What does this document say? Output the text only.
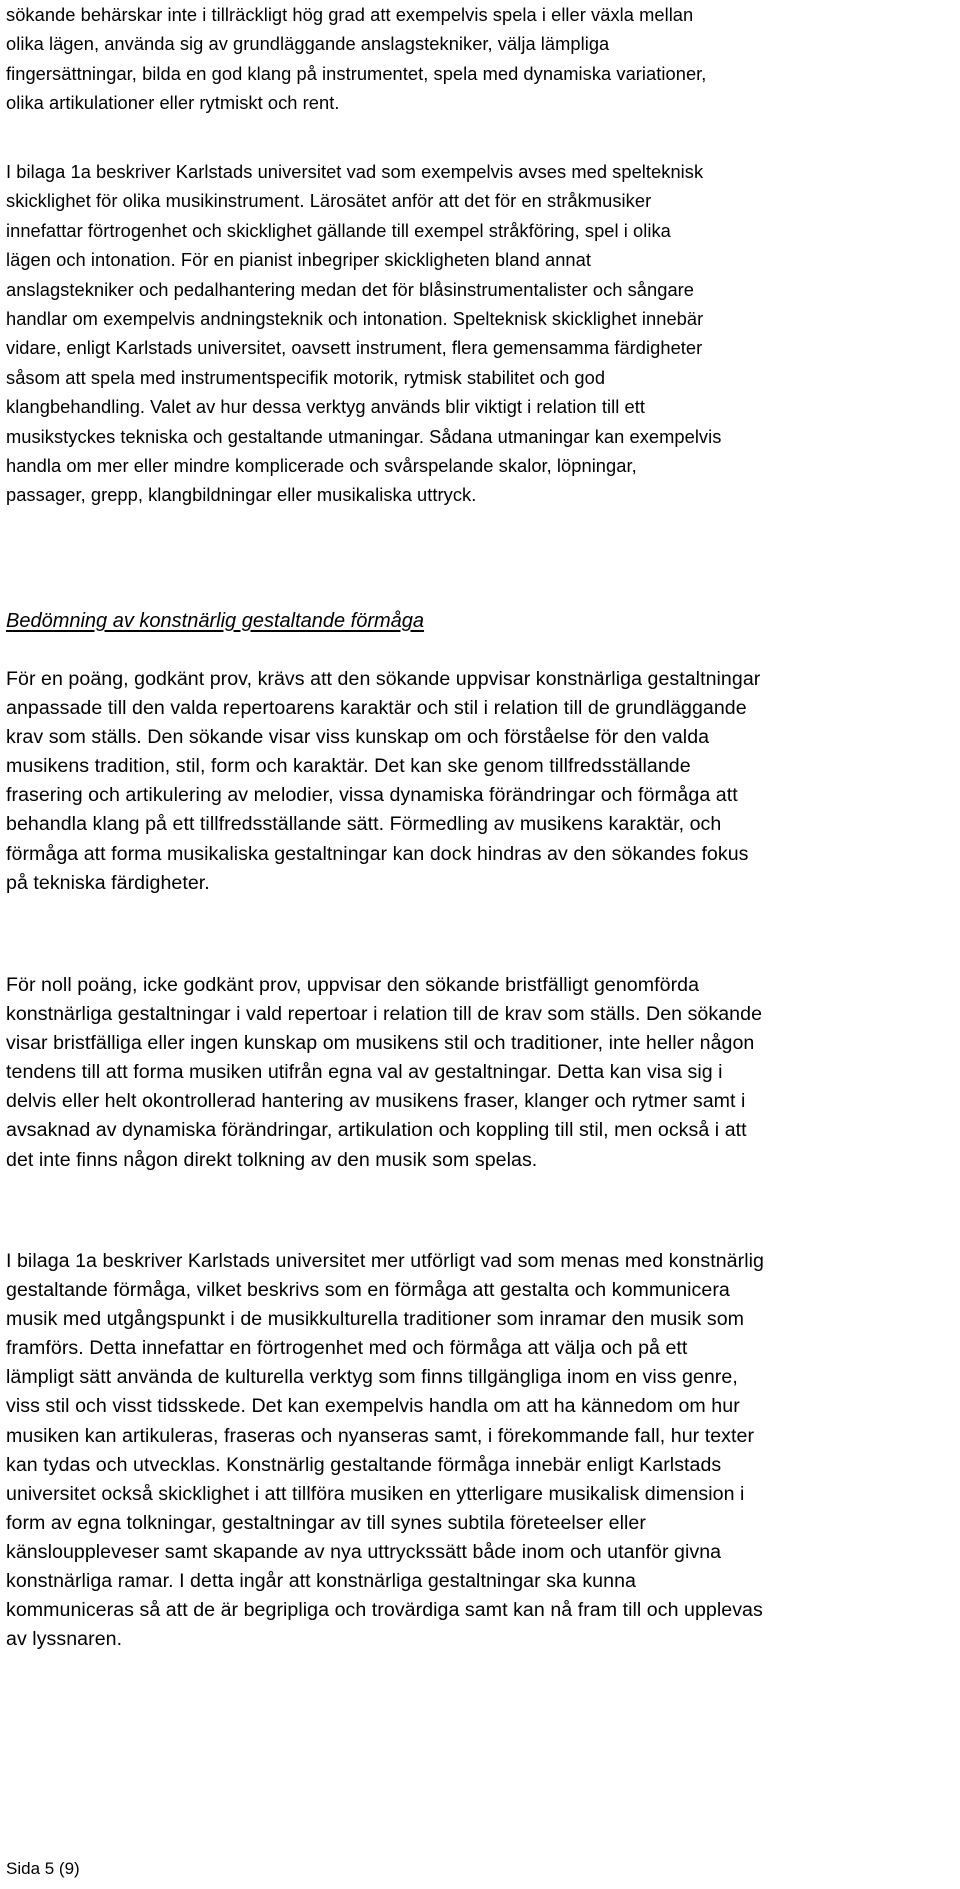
sökande behärskar inte i tillräckligt hög grad att exempelvis spela i eller växla mellan
olika lägen, använda sig av grundläggande anslagstekniker, välja lämpliga
fingersättningar, bilda en god klang på instrumentet, spela med dynamiska variationer,
olika artikulationer eller rytmiskt och rent.

I bilaga 1a beskriver Karlstads universitet vad som exempelvis avses med spelteknisk
skicklighet för olika musikinstrument. Lärosätet anför att det för en stråkmusiker
innefattar förtrogenhet och skicklighet gällande till exempel stråkföring, spel i olika
lägen och intonation. För en pianist inbegriper skickligheten bland annat
anslagstekniker och pedalhantering medan det för blåsinstrumentalister och sångare
handlar om exempelvis andningsteknik och intonation. Spelteknisk skicklighet innebär
vidare, enligt Karlstads universitet, oavsett instrument, flera gemensamma färdigheter
såsom att spela med instrumentspecifik motorik, rytmisk stabilitet och god
klangbehandling. Valet av hur dessa verktyg används blir viktigt i relation till ett
musikstyckes tekniska och gestaltande utmaningar. Sådana utmaningar kan exempelvis
handla om mer eller mindre komplicerade och svårspelande skalor, löpningar,
passager, grepp, klangbildningar eller musikaliska uttryck.

Bedömning av konstnärlig gestaltande förmåga

För en poäng, godkänt prov, krävs att den sökande uppvisar konstnärliga gestaltningar
anpassade till den valda repertoarens karaktär och stil i relation till de grundläggande
krav som ställs. Den sökande visar viss kunskap om och förståelse för den valda
musikens tradition, stil, form och karaktär. Det kan ske genom tillfredsställande
frasering och artikulering av melodier, vissa dynamiska förändringar och förmåga att
behandla klang på ett tillfredsställande sätt. Förmedling av musikens karaktär, och
förmåga att forma musikaliska gestaltningar kan dock hindras av den sökandes fokus
på tekniska färdigheter.

För noll poäng, icke godkänt prov, uppvisar den sökande bristfälligt genomförda
konstnärliga gestaltningar i vald repertoar i relation till de krav som ställs. Den sökande
visar bristfälliga eller ingen kunskap om musikens stil och traditioner, inte heller någon
tendens till att forma musiken utifrån egna val av gestaltningar. Detta kan visa sig i
delvis eller helt okontrollerad hantering av musikens fraser, klanger och rytmer samt i
avsaknad av dynamiska förändringar, artikulation och koppling till stil, men också i att
det inte finns någon direkt tolkning av den musik som spelas.

I bilaga 1a beskriver Karlstads universitet mer utförligt vad som menas med konstnärlig
gestaltande förmåga, vilket beskrivs som en förmåga att gestalta och kommunicera
musik med utgångspunkt i de musikkulturella traditioner som inramar den musik som
framförs. Detta innefattar en förtrogenhet med och förmåga att välja och på ett
lämpligt sätt använda de kulturella verktyg som finns tillgängliga inom en viss genre,
viss stil och visst tidsskede. Det kan exempelvis handla om att ha kännedom om hur
musiken kan artikuleras, fraseras och nyanseras samt, i förekommande fall, hur texter
kan tydas och utvecklas. Konstnärlig gestaltande förmåga innebär enligt Karlstads
universitet också skicklighet i att tillföra musiken en ytterligare musikalisk dimension i
form av egna tolkningar, gestaltningar av till synes subtila företeelser eller
känslouppleveser samt skapande av nya uttryckssätt både inom och utanför givna
konstnärliga ramar. I detta ingår att konstnärliga gestaltningar ska kunna
kommuniceras så att de är begripliga och trovärdiga samt kan nå fram till och upplevas
av lyssnaren.

Sida 5 (9)
